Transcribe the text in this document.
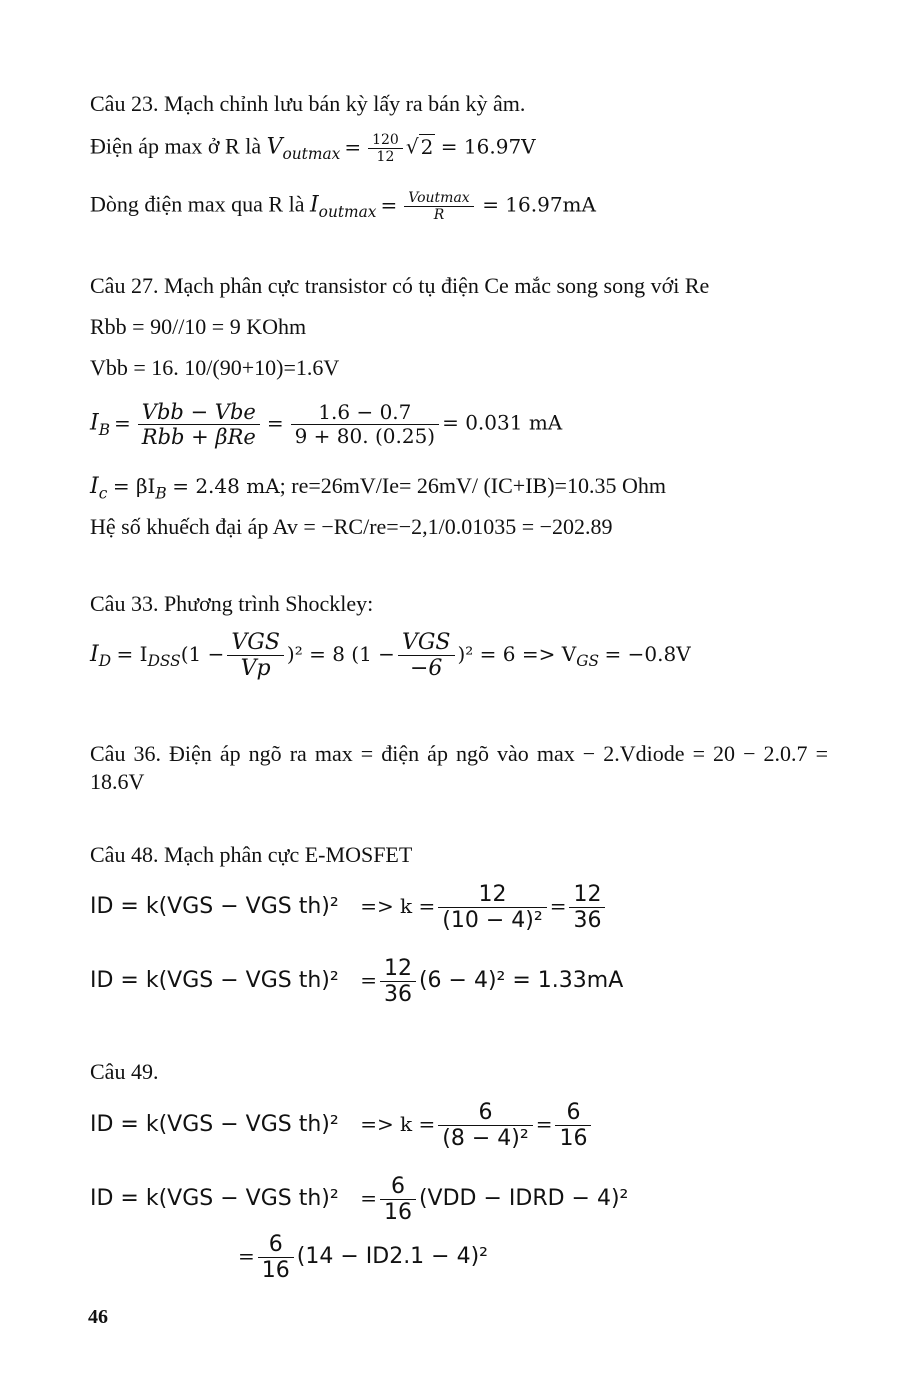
Câu 23. Mạch chỉnh lưu bán kỳ lấy ra bán kỳ âm.
Điện áp max ở R là $V_{outmax} = \frac{120}{12}$ √ 2 = 16.97V
Dòng điện max qua R là $I_{outmax} = \frac{\text{Voutmax}}{R} = 16.97mA$
Câu 27. Mạch phân cực transistor có tụ điện Ce mắc song song với Re
Rbb = 90//10 = 9 KOhm
Vbb = 16. 10/(90+10)=1.6V
$I_B = \frac{\text{Vbb − Vbe}}{\text{Rbb + βRe}} = \frac{1.6 - 0.7}{9 + 80. (0.25)} = 0.031$ mA
$I_c = \beta I_B = 2.48$ mA; re=26mV/Ie= 26mV/ (IC+IB)=10.35 Ohm
Hệ số khuếch đại áp Av = −RC/re=−2,1/0.01035 = −202.89
Câu 33. Phương trình Shockley:
$I_D = I_{DSS}(1 - \frac{\text{VGS}}{Vp} )^2 = 8$ $(1 - \frac{\text{VGS}}{-6} )^2 = 6 => V_{GS} = -0.8V$
Câu 36. Điện áp ngõ ra max = điện áp ngõ vào max − 2.Vdiode = 20 − 2.0.7 = 18.6V
Câu 48. Mạch phân cực E-MOSFET
ID = k(VGS − VGS $th)^2 => k = \frac{12}{\text{(10 − 4)²}} = \frac{12}{36}$
ID = k(VGS − VGS $th)^2 = \frac{12}{36} (6 - 4)^2 = 1.33mA$
Câu 49.
ID = k(VGS − VGS $th)^2 => k = \frac{6}{\text{(8 − 4)²}} = \frac{6}{16}$
ID = k(VGS − VGS $th)^2 = \frac{6}{16} (VDD$ − IDRD − 4)²
= $\frac{6}{16} (14 - ID2.1 - 4)^2$
46
